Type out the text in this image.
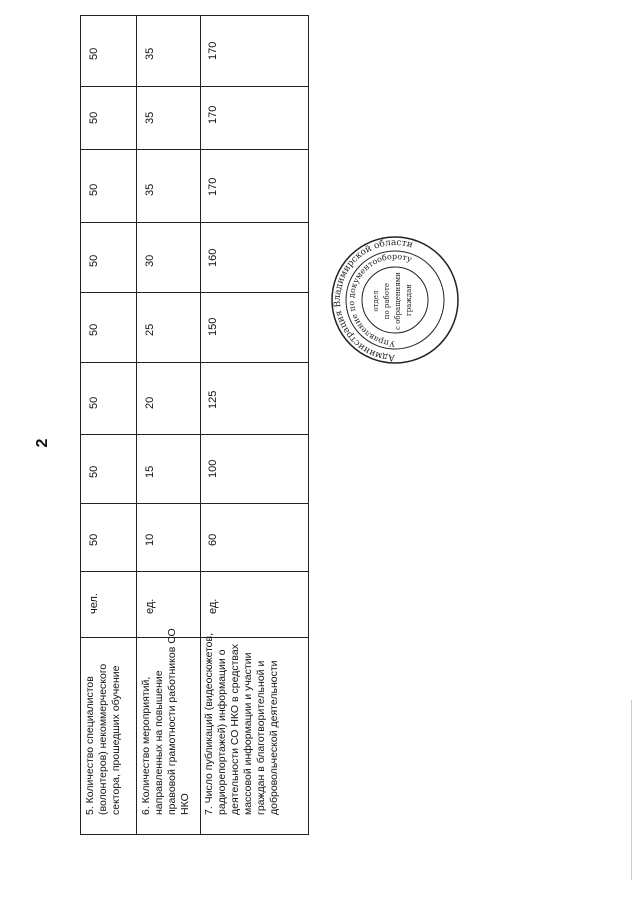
2
5. Количество специалистов (волонтеров) некоммерческого сектора, прошедших обучение
чел.
50
50
50
50
50
50
50
50
6. Количество мероприятий, направленных на повышение правовой грамотности работников СО НКО
ед.
10
15
20
25
30
35
35
35
7. Число публикаций (видеосюжетов, радиорепортажей) информации о деятельности СО НКО в средствах массовой информации и участии граждан в благотворительной и добровольческой деятельности
ед.
60
100
125
150
160
170
170
170
Администрация Владимирской области
Управление по документообороту
отдел по работе с обращениями граждан
